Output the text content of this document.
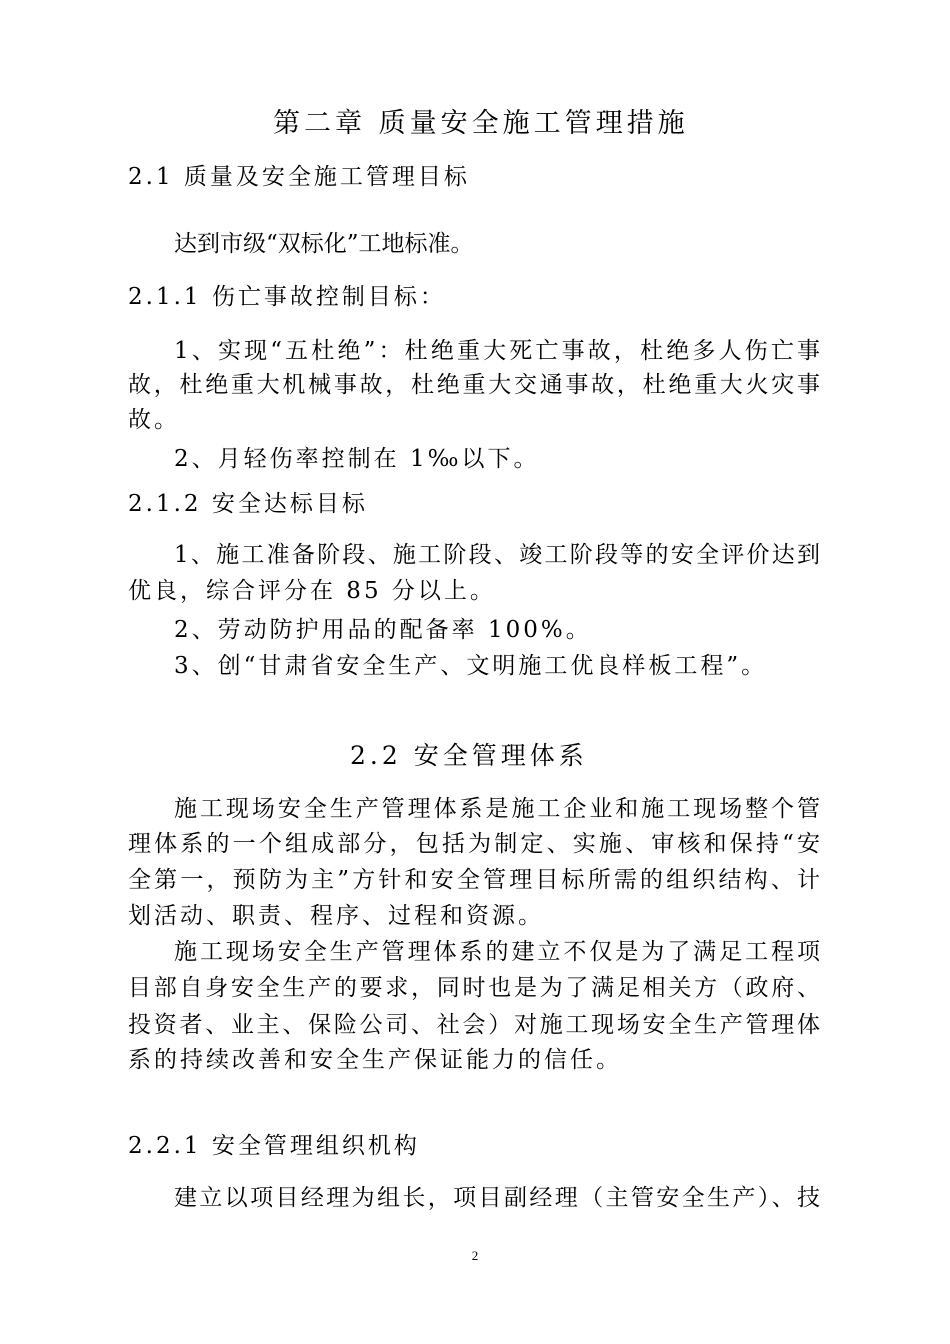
第二章 质量安全施工管理措施
2.1 质量及安全施工管理目标
达到市级“双标化”工地标准。
2.1.1 伤亡事故控制目标：
1、实现“五杜绝”：杜绝重大死亡事故，杜绝多人伤亡事
故，杜绝重大机械事故，杜绝重大交通事故，杜绝重大火灾事
故。
2、月轻伤率控制在 1‰以下。
2.1.2 安全达标目标
1、施工准备阶段、施工阶段、竣工阶段等的安全评价达到
优良，综合评分在 85 分以上。
2、劳动防护用品的配备率 100%。
3、创“甘肃省安全生产、文明施工优良样板工程”。
2.2 安全管理体系
施工现场安全生产管理体系是施工企业和施工现场整个管
理体系的一个组成部分，包括为制定、实施、审核和保持“安
全第一，预防为主”方针和安全管理目标所需的组织结构、计
划活动、职责、程序、过程和资源。
施工现场安全生产管理体系的建立不仅是为了满足工程项
目部自身安全生产的要求，同时也是为了满足相关方（政府、
投资者、业主、保险公司、社会）对施工现场安全生产管理体
系的持续改善和安全生产保证能力的信任。
2.2.1 安全管理组织机构
建立以项目经理为组长，项目副经理（主管安全生产）、技
2
